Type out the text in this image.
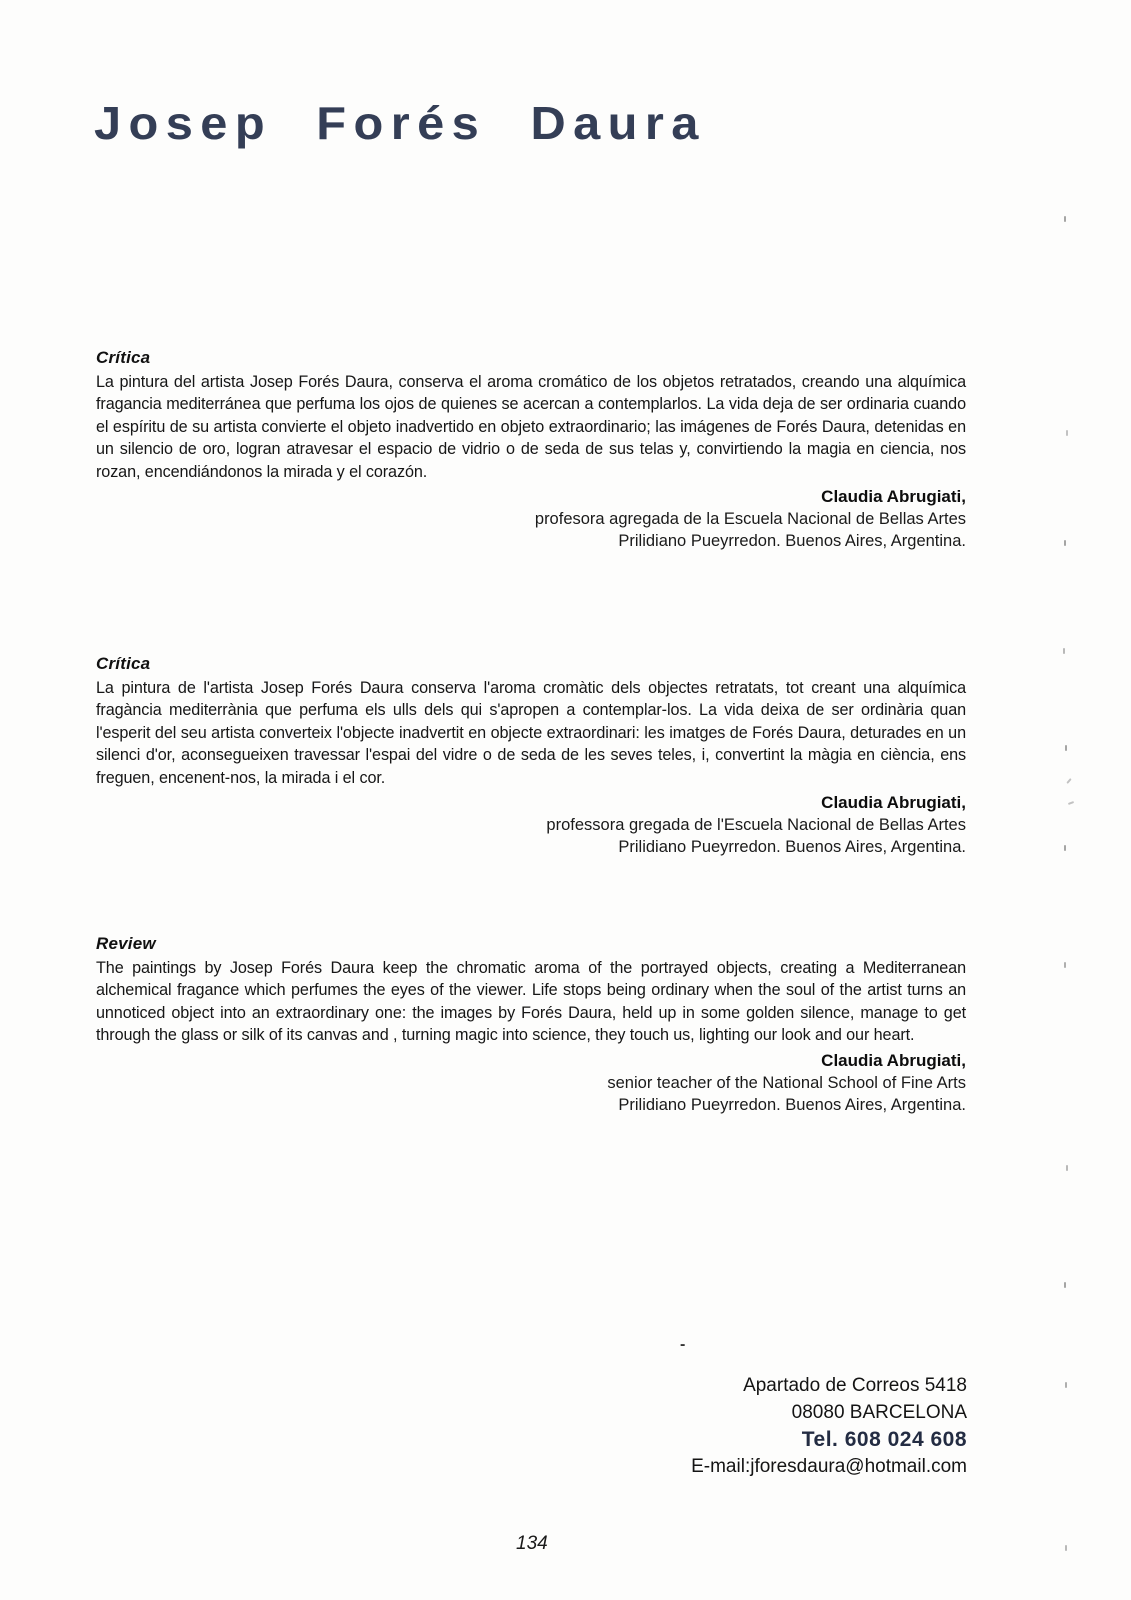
Josep Forés Daura
Crítica
La pintura del artista Josep Forés Daura, conserva el aroma cromático de los objetos retratados, creando una alquímica fragancia mediterránea que perfuma los ojos de quienes se acercan a contemplarlos. La vida deja de ser ordinaria cuando el espíritu de su artista convierte el objeto inadvertido en objeto extraordinario; las imágenes de Forés Daura, detenidas en un silencio de oro, logran atravesar el espacio de vidrio o de seda de sus telas y, convirtiendo la magia en ciencia, nos rozan, encendiándonos la mirada y el corazón.
Claudia Abrugiati,
profesora agregada de la Escuela Nacional de Bellas Artes
Prilidiano Pueyrredon. Buenos Aires, Argentina.
Crítica
La pintura de l'artista Josep Forés Daura conserva l'aroma cromàtic dels objectes retratats, tot creant una alquímica fragància mediterrània que perfuma els ulls dels qui s'apropen a contemplar-los. La vida deixa de ser ordinària quan l'esperit del seu artista converteix l'objecte inadvertit en objecte extraordinari: les imatges de Forés Daura, deturades en un silenci d'or, aconsegueixen travessar l'espai del vidre o de seda de les seves teles, i, convertint la màgia en ciència, ens freguen, encenent-nos, la mirada i el cor.
Claudia Abrugiati,
professora gregada de l'Escuela Nacional de Bellas Artes
Prilidiano Pueyrredon. Buenos Aires, Argentina.
Review
The paintings by Josep Forés Daura keep the chromatic aroma of the portrayed objects, creating a Mediterranean alchemical fragance which perfumes the eyes of the viewer. Life stops being ordinary when the soul of the artist turns an unnoticed object into an extraordinary one: the images by Forés Daura, held up in some golden silence, manage to get through the glass or silk of its canvas and , turning magic into science, they touch us, lighting our look and our heart.
Claudia Abrugiati,
senior teacher of the National School of Fine Arts
Prilidiano Pueyrredon. Buenos Aires, Argentina.
-
Apartado de Correos 5418
08080 BARCELONA
Tel. 608 024 608
E-mail:jforesdaura@hotmail.com
134
